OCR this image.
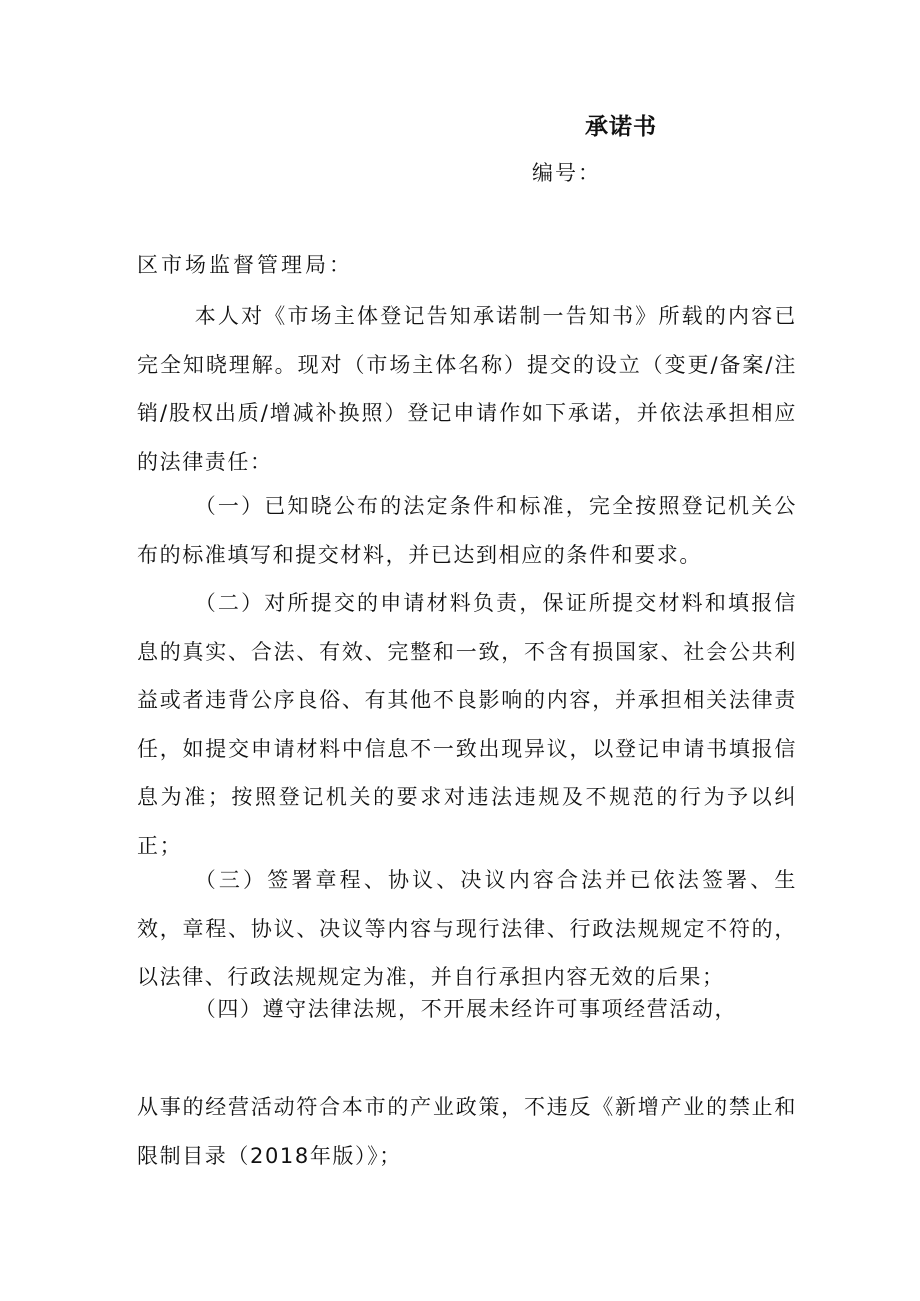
承诺书
编号：
区市场监督管理局：

本人对《市场主体登记告知承诺制一告知书》所载的内容已完全知晓理解。现对（市场主体名称）提交的设立（变更/备案/注销/股权出质/增减补换照）登记申请作如下承诺，并依法承担相应的法律责任：

（一）已知晓公布的法定条件和标准，完全按照登记机关公布的标准填写和提交材料，并已达到相应的条件和要求。

（二）对所提交的申请材料负责，保证所提交材料和填报信息的真实、合法、有效、完整和一致，不含有损国家、社会公共利益或者违背公序良俗、有其他不良影响的内容，并承担相关法律责任，如提交申请材料中信息不一致出现异议，以登记申请书填报信息为准；按照登记机关的要求对违法违规及不规范的行为予以纠正；

（三）签署章程、协议、决议内容合法并已依法签署、生效，章程、协议、决议等内容与现行法律、行政法规规定不符的，以法律、行政法规规定为准，并自行承担内容无效的后果；

（四）遵守法律法规，不开展未经许可事项经营活动，

从事的经营活动符合本市的产业政策，不违反《新增产业的禁止和限制目录（2018年版）》；
